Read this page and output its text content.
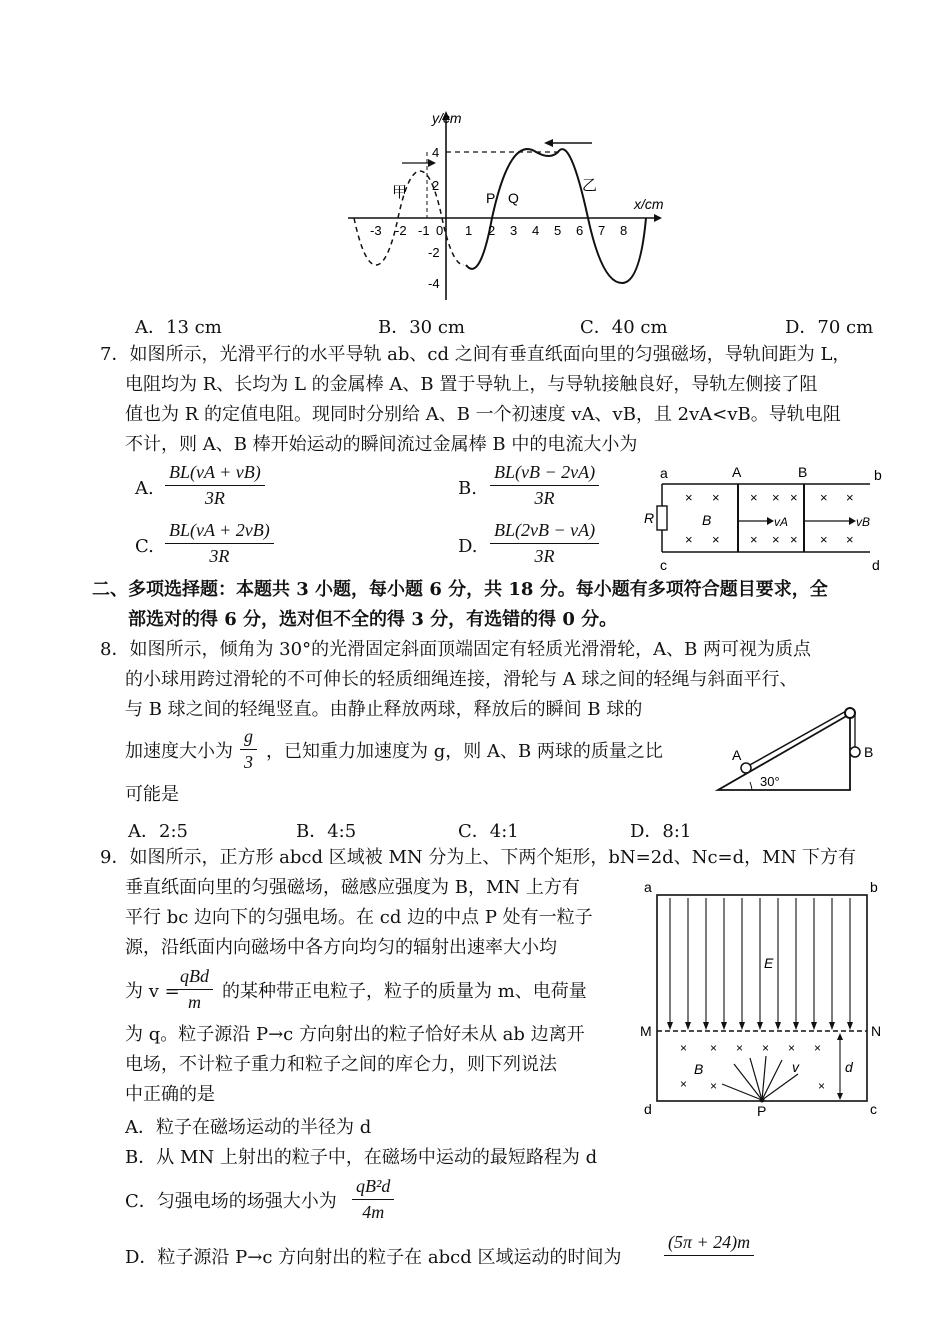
y/cm
x/cm
-3 -2 -1 0 1 2 3 4 5 6 7 8
4
2
-2
-4
甲	乙
P Q
A．13 cm	B．30 cm	C．40 cm	D．70 cm
7．如图所示，光滑平行的水平导轨 ab、cd 之间有垂直纸面向里的匀强磁场，导轨间距为 L，
电阻均为 R、长均为 L 的金属棒 A、B 置于导轨上，与导轨接触良好，导轨左侧接了阻
值也为 R 的定值电阻。现同时分别给 A、B 一个初速度 vA、vB，且 2vA<vB。导轨电阻
不计，则 A、B 棒开始运动的瞬间流过金属棒 B 中的电流大小为
A. $\frac{BL(vA + vB)}{3R}$	B. $\frac{BL(vB - 2vA)}{3R}$
C. $\frac{BL(vA + 2vB)}{3R}$	D. $\frac{BL(2vB - vA)}{3R}$
a	b
c	d
A	B
R	B	vA	vB
× × × × × × ×
× × × × × × ×
二、多项选择题：本题共 3 小题，每小题 6 分，共 18 分。每小题有多项符合题目要求，全
部选对的得 6 分，选对但不全的得 3 分，有选错的得 0 分。
8．如图所示，倾角为 30°的光滑固定斜面顶端固定有轻质光滑滑轮，A、B 两可视为质点
的小球用跨过滑轮的不可伸长的轻质细绳连接，滑轮与 A 球之间的轻绳与斜面平行、
与 B 球之间的轻绳竖直。由静止释放两球，释放后的瞬间 B 球的
加速度大小为 $\frac{g}{3}$ ，已知重力加速度为 g，则 A、B 两球的质量之比
可能是
A．2:5	B．4:5	C．4:1	D．8:1
A	B
30°
9．如图所示，正方形 abcd 区域被 MN 分为上、下两个矩形，bN=2d、Nc=d，MN 下方有
垂直纸面向里的匀强磁场，磁感应强度为 B，MN 上方有
平行 bc 边向下的匀强电场。在 cd 边的中点 P 处有一粒子
源，沿纸面内向磁场中各方向均匀的辐射出速率大小均
为 v =
qBd
m	的某种带正电粒子，粒子的质量为 m、电荷量
为 q。粒子源沿 P→c 方向射出的粒子恰好未从 ab 边离开
电场，不计粒子重力和粒子之间的库仑力，则下列说法
中正确的是
A．粒子在磁场运动的半径为 d
B．从 MN 上射出的粒子中，在磁场中运动的最短路程为 d
C．匀强电场的场强大小为 $\frac{\text{qB²d}}{4m}$
D．粒子源沿 P→c 方向射出的粒子在 abcd 区域运动的时间为
(5π + 24)m
a	b
d	c
M	N
E
B	v	d
P
× × × × × ×
× ×	×
